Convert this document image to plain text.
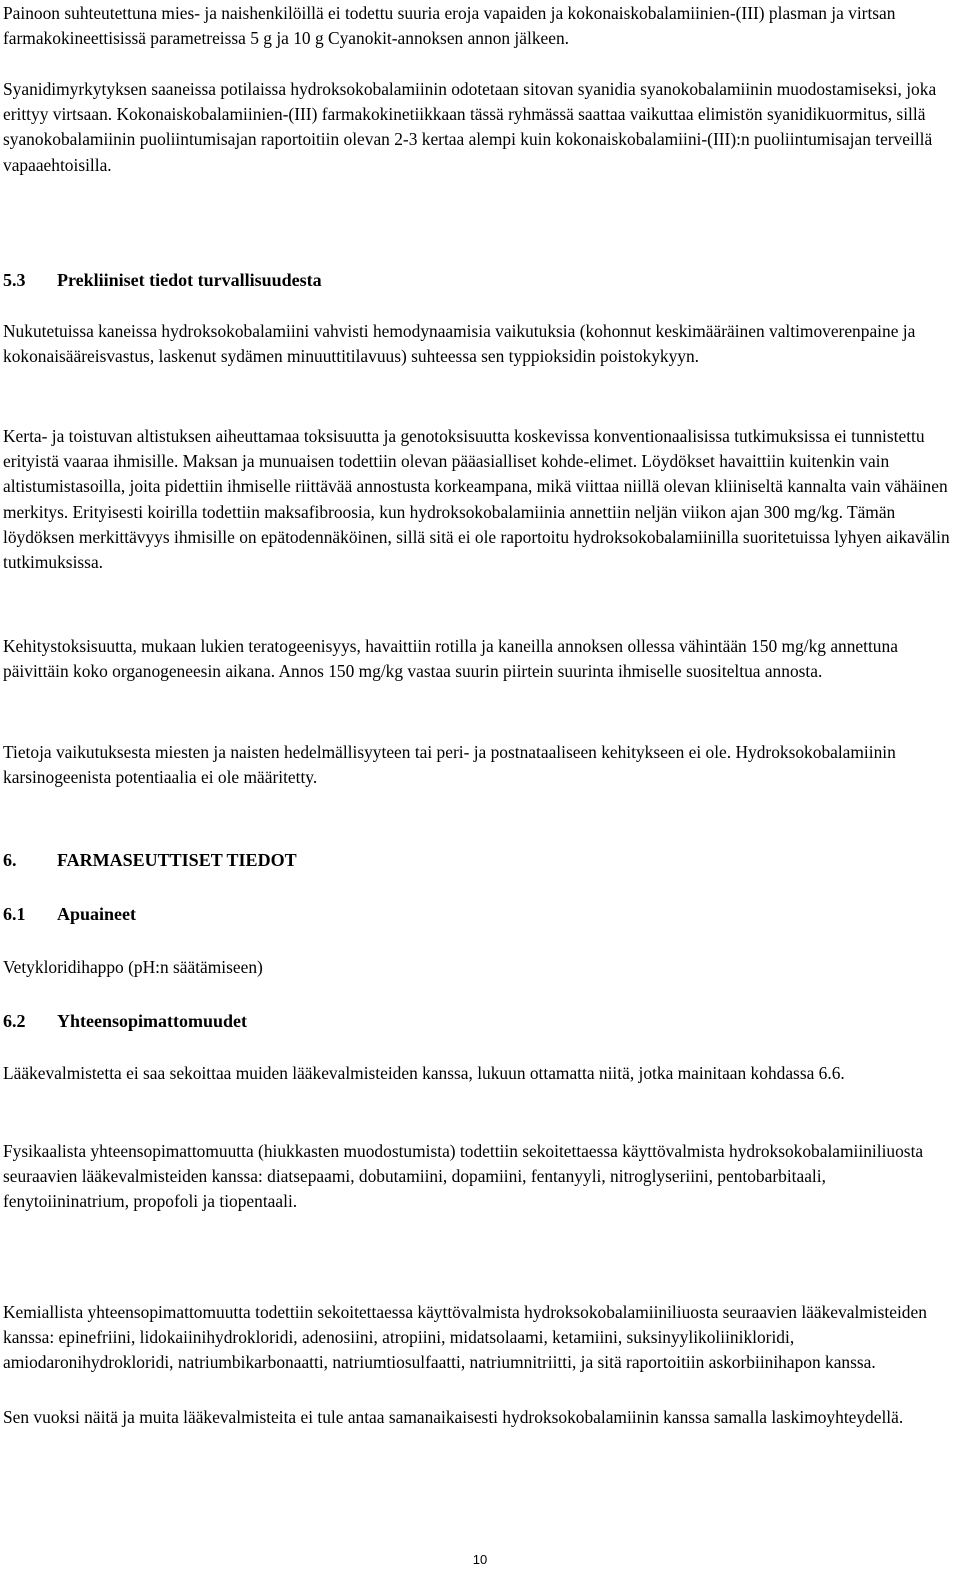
Painoon suhteutettuna mies- ja naishenkilöillä ei todettu suuria eroja vapaiden ja kokonaiskobalamiinien-(III) plasman ja virtsan farmakokineettisissä parametreissa 5 g ja 10 g Cyanokit-annoksen annon jälkeen.

Syanidimyrkytyksen saaneissa potilaissa hydroksokobalamiinin odotetaan sitovan syanidia syanokobalamiinin muodostamiseksi, joka erittyy virtsaan. Kokonaiskobalamiinien-(III) farmakokinetiikkaan tässä ryhmässä saattaa vaikuttaa elimistön syanidikuormitus, sillä syanokobalamiinin puoliintumisajan raportoitiin olevan 2-3 kertaa alempi kuin kokonaiskobalamiini-(III):n puoliintumisajan terveillä vapaaehtoisilla.

5.3 Prekliiniset tiedot turvallisuudesta

Nukutetuissa kaneissa hydroksokobalamiini vahvisti hemodynaamisia vaikutuksia (kohonnut keskimääräinen valtimoverenpaine ja kokonaisääreisvastus, laskenut sydämen minuuttitilavuus) suhteessa sen typpioksidin poistokykyyn.

Kerta- ja toistuvan altistuksen aiheuttamaa toksisuutta ja genotoksisuutta koskevissa konventionaalisissa tutkimuksissa ei tunnistettu erityistä vaaraa ihmisille. Maksan ja munuaisen todettiin olevan pääasialliset kohde-elimet. Löydökset havaittiin kuitenkin vain altistumistasoilla, joita pidettiin ihmiselle riittävää annostusta korkeampana, mikä viittaa niillä olevan kliiniseltä kannalta vain vähäinen merkitys. Erityisesti koirilla todettiin maksafibroosia, kun hydroksokobalamiinia annettiin neljän viikon ajan 300 mg/kg. Tämän löydöksen merkittävyys ihmisille on epätodennäköinen, sillä sitä ei ole raportoitu hydroksokobalamiinilla suoritetuissa lyhyen aikavälin tutkimuksissa.

Kehitystoksisuutta, mukaan lukien teratogeenisyys, havaittiin rotilla ja kaneilla annoksen ollessa vähintään 150 mg/kg annettuna päivittäin koko organogeneesin aikana. Annos 150 mg/kg vastaa suurin piirtein suurinta ihmiselle suositeltua annosta.

Tietoja vaikutuksesta miesten ja naisten hedelmällisyyteen tai peri- ja postnataaliseen kehitykseen ei ole. Hydroksokobalamiinin karsinogeenista potentiaalia ei ole määritetty.

6. FARMASEUTTISET TIEDOT
6.1 Apuaineet

Vetykloridihappo (pH:n säätämiseen)

6.2 Yhteensopimattomuudet

Lääkevalmistetta ei saa sekoittaa muiden lääkevalmisteiden kanssa, lukuun ottamatta niitä, jotka mainitaan kohdassa 6.6.

Fysikaalista yhteensopimattomuutta (hiukkasten muodostumista) todettiin sekoitettaessa käyttövalmista hydroksokobalamiiniliuosta seuraavien lääkevalmisteiden kanssa: diatsepaami, dobutamiini, dopamiini, fentanyyli, nitroglyseriini, pentobarbitaali, fenytoiininatrium, propofoli ja tiopentaali.

Kemiallista yhteensopimattomuutta todettiin sekoitettaessa käyttövalmista hydroksokobalamiiniliuosta seuraavien lääkevalmisteiden kanssa: epinefriini, lidokaiinihydrokloridi, adenosiini, atropiini, midatsolaami, ketamiini, suksinyylikoliinikloridi, amiodaronihydrokloridi, natriumbikarbonaatti, natriumtiosulfaatti, natriumnitriitti, ja sitä raportoitiin askorbiinihapon kanssa.

Sen vuoksi näitä ja muita lääkevalmisteita ei tule antaa samanaikaisesti hydroksokobalamiinin kanssa samalla laskimoyhteydellä.

10
